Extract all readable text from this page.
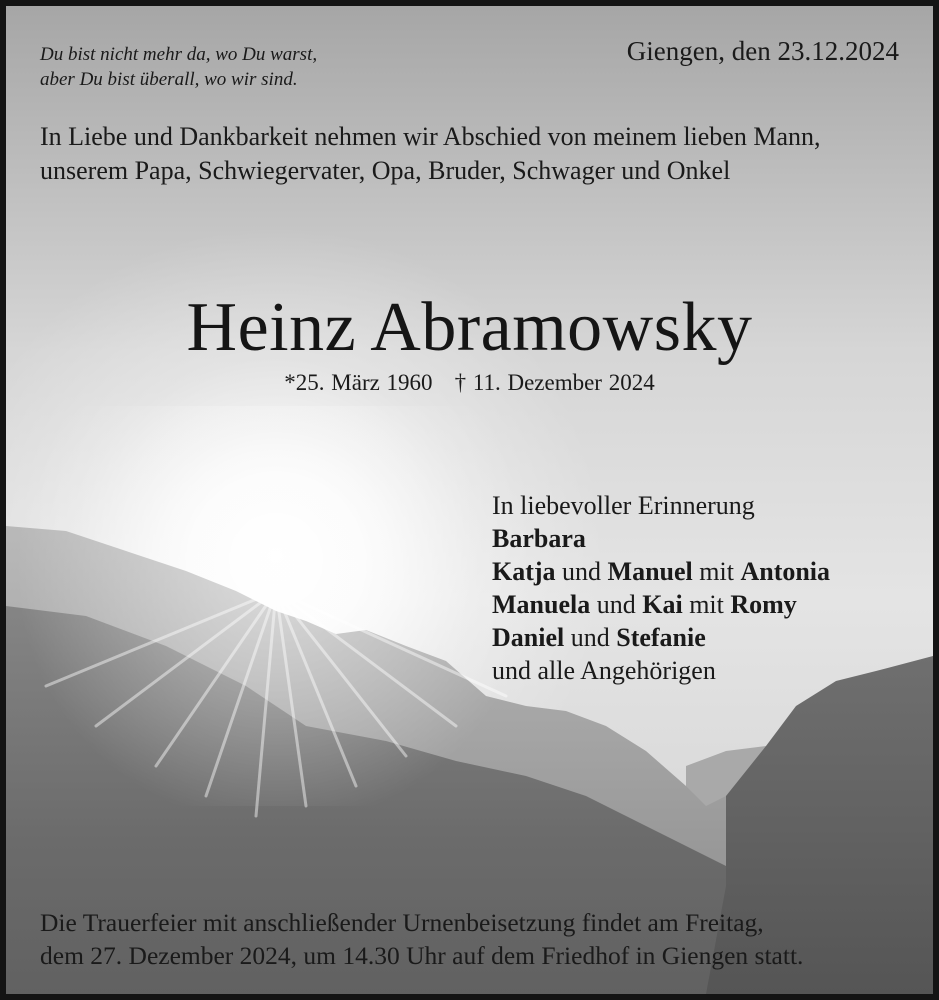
Du bist nicht mehr da, wo Du warst,
aber Du bist überall, wo wir sind.
Giengen, den 23.12.2024
In Liebe und Dankbarkeit nehmen wir Abschied von meinem lieben Mann,
unserem Papa, Schwiegervater, Opa, Bruder, Schwager und Onkel
Heinz Abramowsky
*25. März 1960 † 11. Dezember 2024
In liebevoller Erinnerung
Barbara
Katja und Manuel mit Antonia
Manuela und Kai mit Romy
Daniel und Stefanie
und alle Angehörigen
Die Trauerfeier mit anschließender Urnenbeisetzung findet am Freitag,
dem 27. Dezember 2024, um 14.30 Uhr auf dem Friedhof in Giengen statt.
